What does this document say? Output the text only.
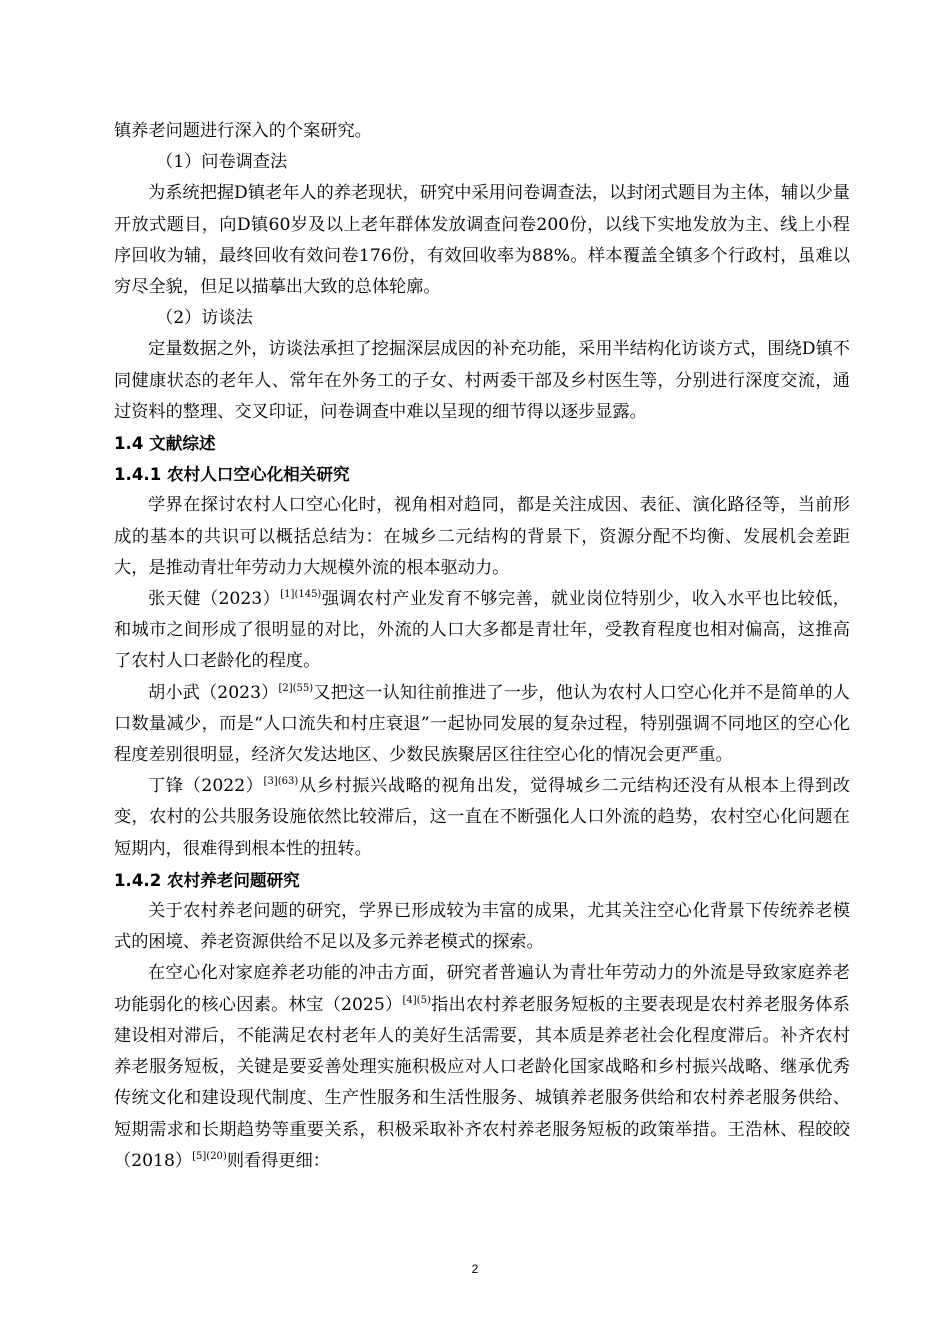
镇养老问题进行深入的个案研究。

（1）问卷调查法

为系统把握D镇老年人的养老现状，研究中采用问卷调查法，以封闭式题目为主体，辅以少量开放式题目，向D镇60岁及以上老年群体发放调查问卷200份，以线下实地发放为主、线上小程序回收为辅，最终回收有效问卷176份，有效回收率为88%。样本覆盖全镇多个行政村，虽难以穷尽全貌，但足以描摹出大致的总体轮廓。

（2）访谈法

定量数据之外，访谈法承担了挖掘深层成因的补充功能，采用半结构化访谈方式，围绕D镇不同健康状态的老年人、常年在外务工的子女、村两委干部及乡村医生等，分别进行深度交流，通过资料的整理、交叉印证，问卷调查中难以呈现的细节得以逐步显露。

1.4 文献综述

1.4.1 农村人口空心化相关研究

学界在探讨农村人口空心化时，视角相对趋同，都是关注成因、表征、演化路径等，当前形成的基本的共识可以概括总结为：在城乡二元结构的背景下，资源分配不均衡、发展机会差距大，是推动青壮年劳动力大规模外流的根本驱动力。

张天健（2023）$^{[1](145)}$强调农村产业发育不够完善，就业岗位特别少，收入水平也比较低，和城市之间形成了很明显的对比，外流的人口大多都是青壮年，受教育程度也相对偏高，这推高了农村人口老龄化的程度。

胡小武（2023）$^{[2](55)}$又把这一认知往前推进了一步，他认为农村人口空心化并不是简单的人口数量减少，而是“人口流失和村庄衰退”一起协同发展的复杂过程，特别强调不同地区的空心化程度差别很明显，经济欠发达地区、少数民族聚居区往往空心化的情况会更严重。

丁锋（2022）$^{[3](63)}$从乡村振兴战略的视角出发，觉得城乡二元结构还没有从根本上得到改变，农村的公共服务设施依然比较滞后，这一直在不断强化人口外流的趋势，农村空心化问题在短期内，很难得到根本性的扭转。

1.4.2 农村养老问题研究

关于农村养老问题的研究，学界已形成较为丰富的成果，尤其关注空心化背景下传统养老模式的困境、养老资源供给不足以及多元养老模式的探索。

在空心化对家庭养老功能的冲击方面，研究者普遍认为青壮年劳动力的外流是导致家庭养老功能弱化的核心因素。林宝（2025）$^{[4](5)}$指出农村养老服务短板的主要表现是农村养老服务体系建设相对滞后，不能满足农村老年人的美好生活需要，其本质是养老社会化程度滞后。补齐农村养老服务短板，关键是要妥善处理实施积极应对人口老龄化国家战略和乡村振兴战略、继承优秀传统文化和建设现代制度、生产性服务和生活性服务、城镇养老服务供给和农村养老服务供给、短期需求和长期趋势等重要关系，积极采取补齐农村养老服务短板的政策举措。王浩林、程皎皎（2018）$^{[5](20)}$则看得更细：

2
